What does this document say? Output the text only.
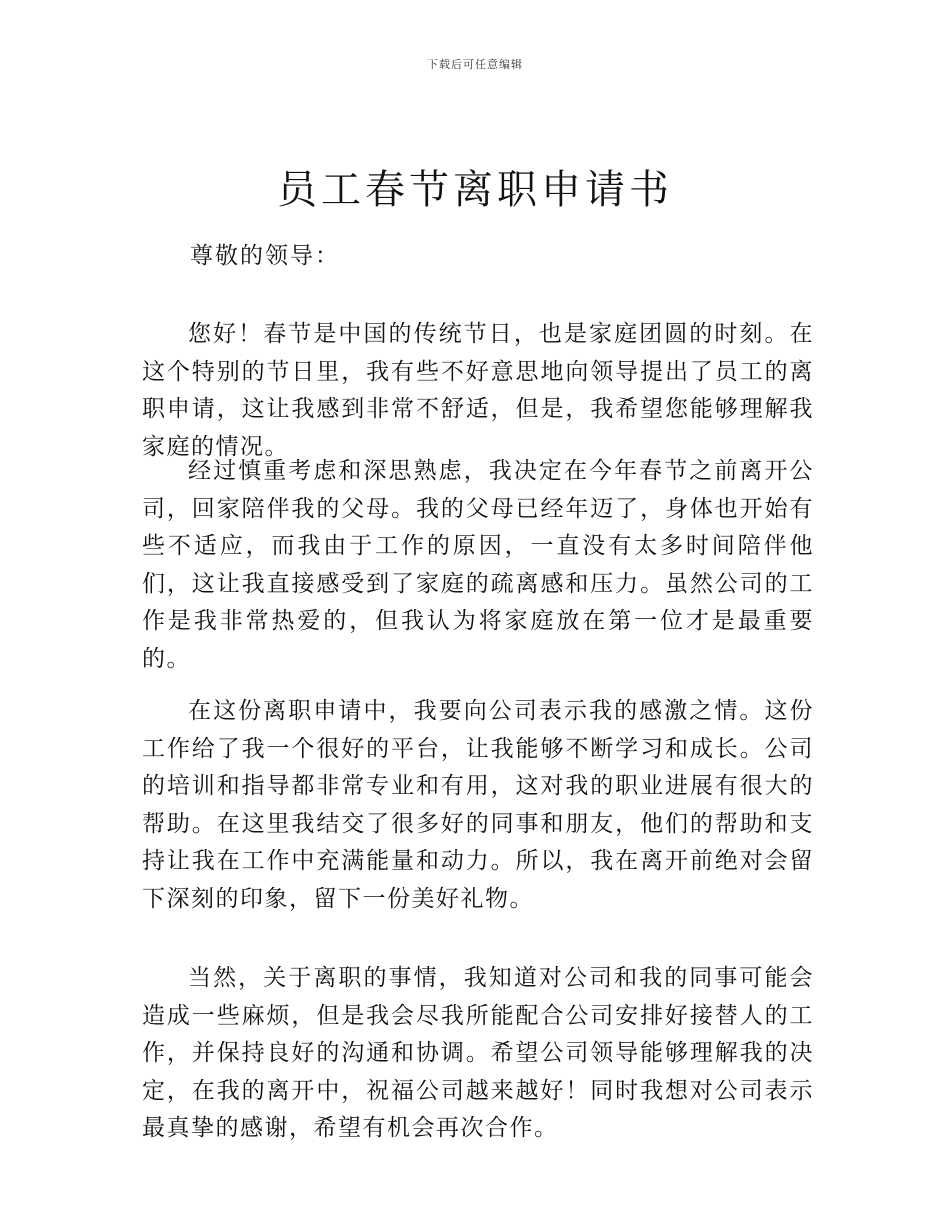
下载后可任意编辑
员工春节离职申请书
尊敬的领导：

您好！春节是中国的传统节日，也是家庭团圆的时刻。在这个特别的节日里，我有些不好意思地向领导提出了员工的离职申请，这让我感到非常不舒适，但是，我希望您能够理解我家庭的情况。

经过慎重考虑和深思熟虑，我决定在今年春节之前离开公司，回家陪伴我的父母。我的父母已经年迈了，身体也开始有些不适应，而我由于工作的原因，一直没有太多时间陪伴他们，这让我直接感受到了家庭的疏离感和压力。虽然公司的工作是我非常热爱的，但我认为将家庭放在第一位才是最重要的。

在这份离职申请中，我要向公司表示我的感激之情。这份工作给了我一个很好的平台，让我能够不断学习和成长。公司的培训和指导都非常专业和有用，这对我的职业进展有很大的帮助。在这里我结交了很多好的同事和朋友，他们的帮助和支持让我在工作中充满能量和动力。所以，我在离开前绝对会留下深刻的印象，留下一份美好礼物。

当然，关于离职的事情，我知道对公司和我的同事可能会造成一些麻烦，但是我会尽我所能配合公司安排好接替人的工作，并保持良好的沟通和协调。希望公司领导能够理解我的决定，在我的离开中，祝福公司越来越好！同时我想对公司表示最真挚的感谢，希望有机会再次合作。
